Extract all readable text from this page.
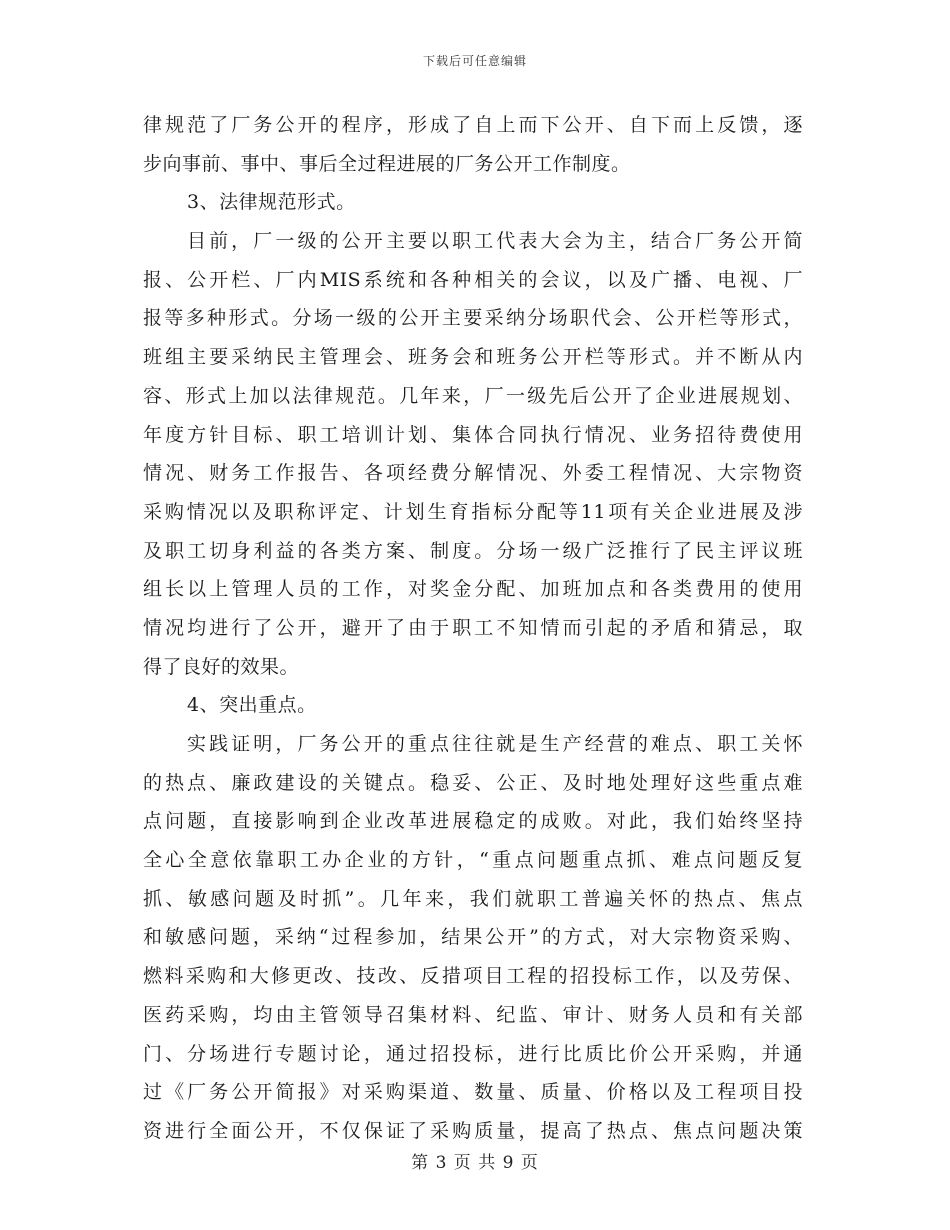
下载后可任意编辑
律规范了厂务公开的程序，形成了自上而下公开、自下而上反馈，逐
步向事前、事中、事后全过程进展的厂务公开工作制度。
3、法律规范形式。
目前，厂一级的公开主要以职工代表大会为主，结合厂务公开简
报、公开栏、厂内MIS系统和各种相关的会议，以及广播、电视、厂
报等多种形式。分场一级的公开主要采纳分场职代会、公开栏等形式，
班组主要采纳民主管理会、班务会和班务公开栏等形式。并不断从内
容、形式上加以法律规范。几年来，厂一级先后公开了企业进展规划、
年度方针目标、职工培训计划、集体合同执行情况、业务招待费使用
情况、财务工作报告、各项经费分解情况、外委工程情况、大宗物资
采购情况以及职称评定、计划生育指标分配等11项有关企业进展及涉
及职工切身利益的各类方案、制度。分场一级广泛推行了民主评议班
组长以上管理人员的工作，对奖金分配、加班加点和各类费用的使用
情况均进行了公开，避开了由于职工不知情而引起的矛盾和猜忌，取
得了良好的效果。
4、突出重点。
实践证明，厂务公开的重点往往就是生产经营的难点、职工关怀
的热点、廉政建设的关键点。稳妥、公正、及时地处理好这些重点难
点问题，直接影响到企业改革进展稳定的成败。对此，我们始终坚持
全心全意依靠职工办企业的方针，“重点问题重点抓、难点问题反复
抓、敏感问题及时抓”。几年来，我们就职工普遍关怀的热点、焦点
和敏感问题，采纳“过程参加，结果公开”的方式，对大宗物资采购、
燃料采购和大修更改、技改、反措项目工程的招投标工作，以及劳保、
医药采购，均由主管领导召集材料、纪监、审计、财务人员和有关部
门、分场进行专题讨论，通过招投标，进行比质比价公开采购，并通
过《厂务公开简报》对采购渠道、数量、质量、价格以及工程项目投
资进行全面公开，不仅保证了采购质量，提高了热点、焦点问题决策
第 3 页 共 9 页
